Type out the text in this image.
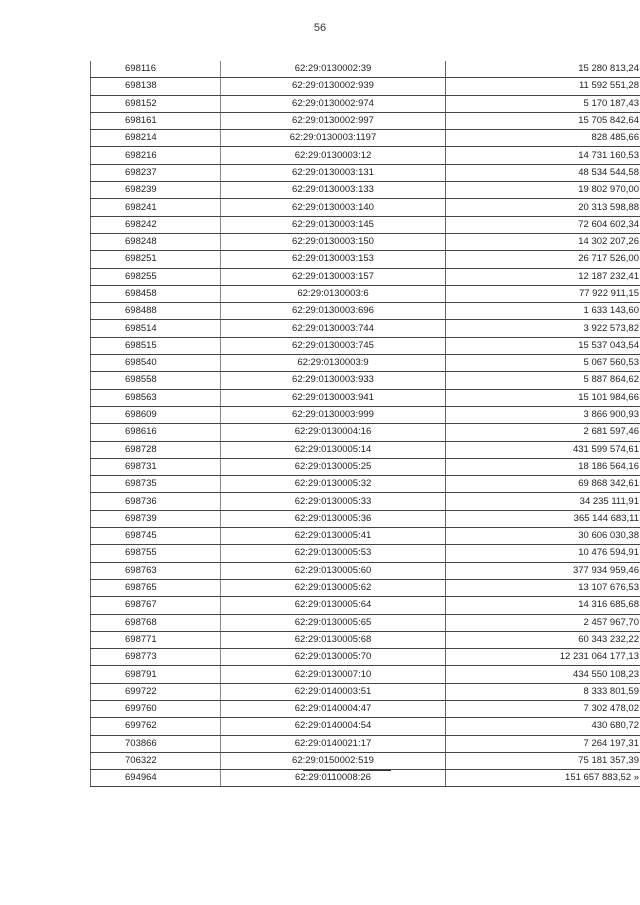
56
698116	62:29:0130002:39	15 280 813,24
698138	62:29:0130002:939	11 592 551,28
698152	62:29:0130002:974	5 170 187,43
698161	62:29:0130002:997	15 705 842,64
698214	62:29:0130003:1197	828 485,66
698216	62:29:0130003:12	14 731 160,53
698237	62:29:0130003:131	48 534 544,58
698239	62:29:0130003:133	19 802 970,00
698241	62:29:0130003:140	20 313 598,88
698242	62:29:0130003:145	72 604 602,34
698248	62:29:0130003:150	14 302 207,26
698251	62:29:0130003:153	26 717 526,00
698255	62:29:0130003:157	12 187 232,41
698458	62:29:0130003:6	77 922 911,15
698488	62:29:0130003:696	1 633 143,60
698514	62:29:0130003:744	3 922 573,82
698515	62:29:0130003:745	15 537 043,54
698540	62:29:0130003:9	5 067 560,53
698558	62:29:0130003:933	5 887 864,62
698563	62:29:0130003:941	15 101 984,66
698609	62:29:0130003:999	3 866 900,93
698616	62:29:0130004:16	2 681 597,46
698728	62:29:0130005:14	431 599 574,61
698731	62:29:0130005:25	18 186 564,16
698735	62:29:0130005:32	69 868 342,61
698736	62:29:0130005:33	34 235 111,91
698739	62:29:0130005:36	365 144 683,11
698745	62:29:0130005:41	30 606 030,38
698755	62:29:0130005:53	10 476 594,91
698763	62:29:0130005:60	377 934 959,46
698765	62:29:0130005:62	13 107 676,53
698767	62:29:0130005:64	14 316 685,68
698768	62:29:0130005:65	2 457 967,70
698771	62:29:0130005:68	60 343 232,22
698773	62:29:0130005:70	12 231 064 177,13
698791	62:29:0130007:10	434 550 108,23
699722	62:29:0140003:51	8 333 801,59
699760	62:29:0140004:47	7 302 478,02
699762	62:29:0140004:54	430 680,72
703866	62:29:0140021:17	7 264 197,31
706322	62:29:0150002:519	75 181 357,39
694964	62:29:0110008:26	151 657 883,52 »
